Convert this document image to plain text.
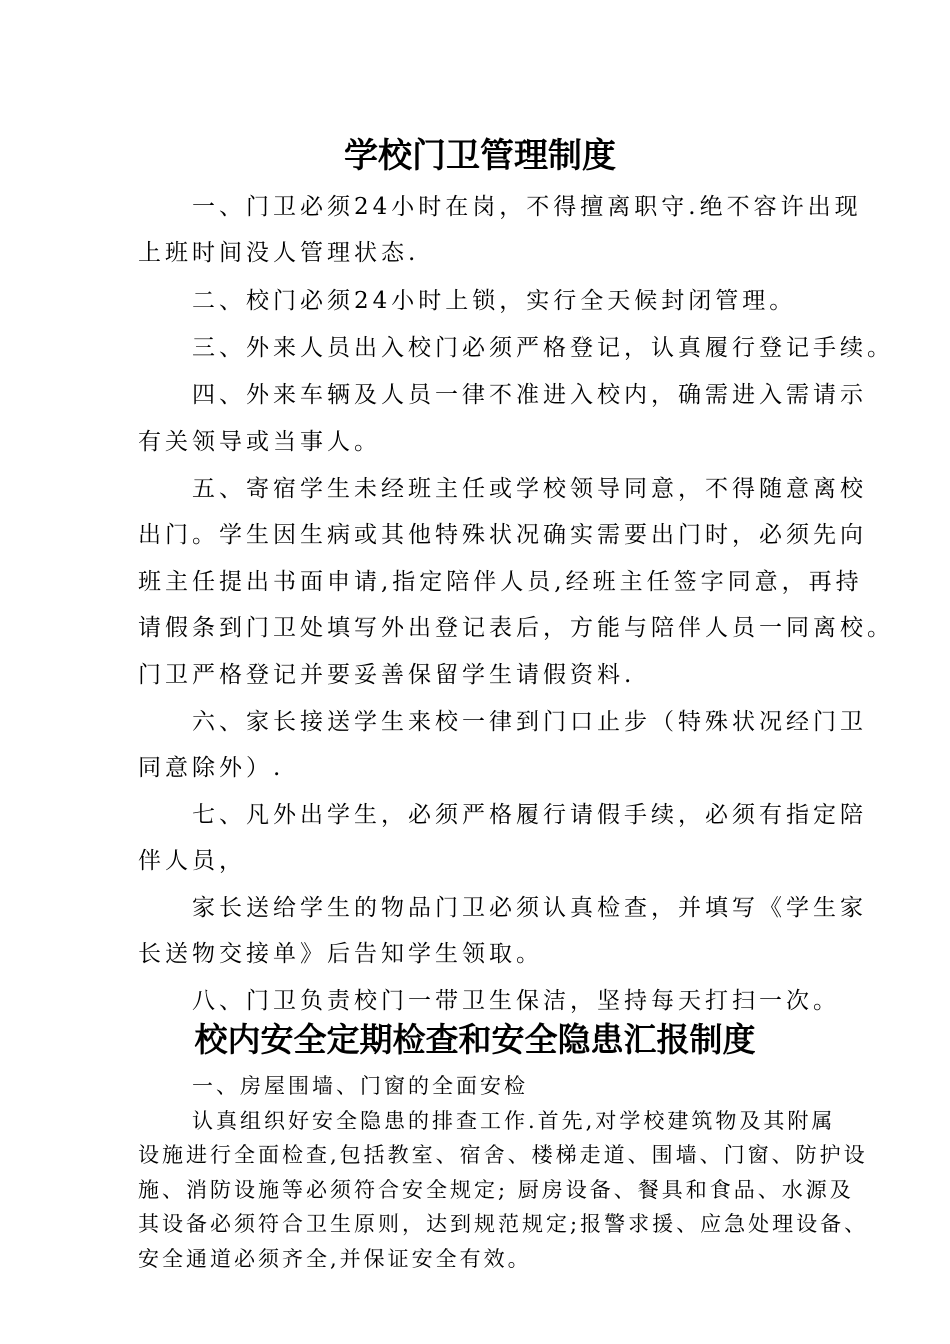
学校门卫管理制度
一、门卫必须24小时在岗，不得擅离职守.绝不容许出现
上班时间没人管理状态.
二、校门必须24小时上锁，实行全天候封闭管理。
三、外来人员出入校门必须严格登记，认真履行登记手续。
四、外来车辆及人员一律不准进入校内，确需进入需请示
有关领导或当事人。
五、寄宿学生未经班主任或学校领导同意，不得随意离校
出门。学生因生病或其他特殊状况确实需要出门时，必须先向
班主任提出书面申请,指定陪伴人员,经班主任签字同意，再持
请假条到门卫处填写外出登记表后，方能与陪伴人员一同离校。
门卫严格登记并要妥善保留学生请假资料.
六、家长接送学生来校一律到门口止步（特殊状况经门卫
同意除外）.
七、凡外出学生，必须严格履行请假手续，必须有指定陪
伴人员，
家长送给学生的物品门卫必须认真检查，并填写《学生家
长送物交接单》后告知学生领取。
八、门卫负责校门一带卫生保洁，坚持每天打扫一次。
校内安全定期检查和安全隐患汇报制度
一、房屋围墙、门窗的全面安检
认真组织好安全隐患的排查工作.首先,对学校建筑物及其附属
设施进行全面检查,包括教室、宿舍、楼梯走道、围墙、门窗、防护设
施、消防设施等必须符合安全规定; 厨房设备、餐具和食品、水源及
其设备必须符合卫生原则，达到规范规定;报警求援、应急处理设备、
安全通道必须齐全,并保证安全有效。
